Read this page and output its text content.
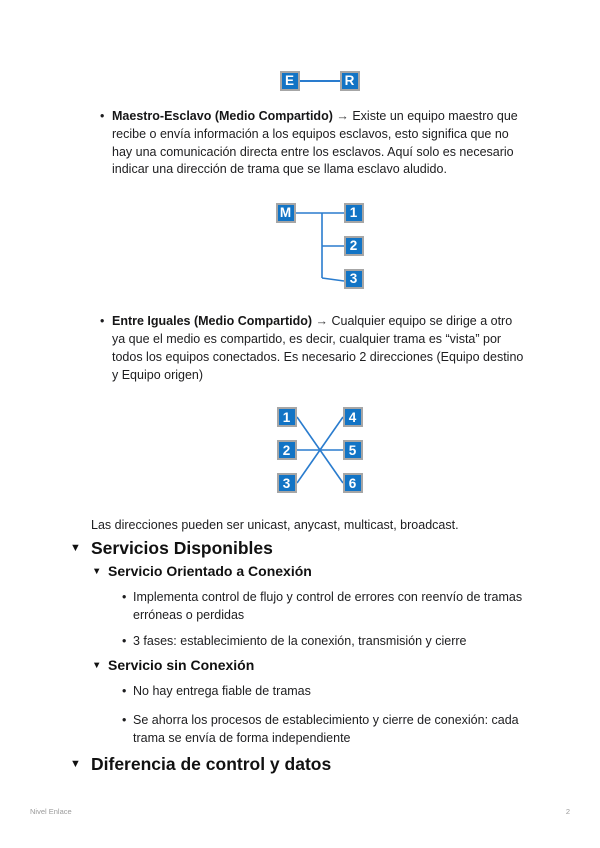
E	R
• Maestro-Esclavo (Medio Compartido) → Existe un equipo maestro que recibe o envía información a los equipos esclavos, esto significa que no hay una comunicación directa entre los esclavos. Aquí solo es necesario indicar una dirección de trama que se llama esclavo aludido.
M	1
2
3
• Entre Iguales (Medio Compartido) → Cualquier equipo se dirige a otro ya que el medio es compartido, es decir, cualquier trama es “vista” por todos los equipos conectados. Es necesario 2 direcciones (Equipo destino y Equipo origen)
1
2
3
4
5
6

Las direcciones pueden ser unicast, anycast, multicast, broadcast.

▼ Servicios Disponibles
▼ Servicio Orientado a Conexión
• Implementa control de flujo y control de errores con reenvío de tramas erróneas o perdidas
• 3 fases: establecimiento de la conexión, transmisión y cierre
▼ Servicio sin Conexión
• No hay entrega fiable de tramas
• Se ahorra los procesos de establecimiento y cierre de conexión: cada trama se envía de forma independiente
▼ Diferencia de control y datos
Nivel Enlace	2
